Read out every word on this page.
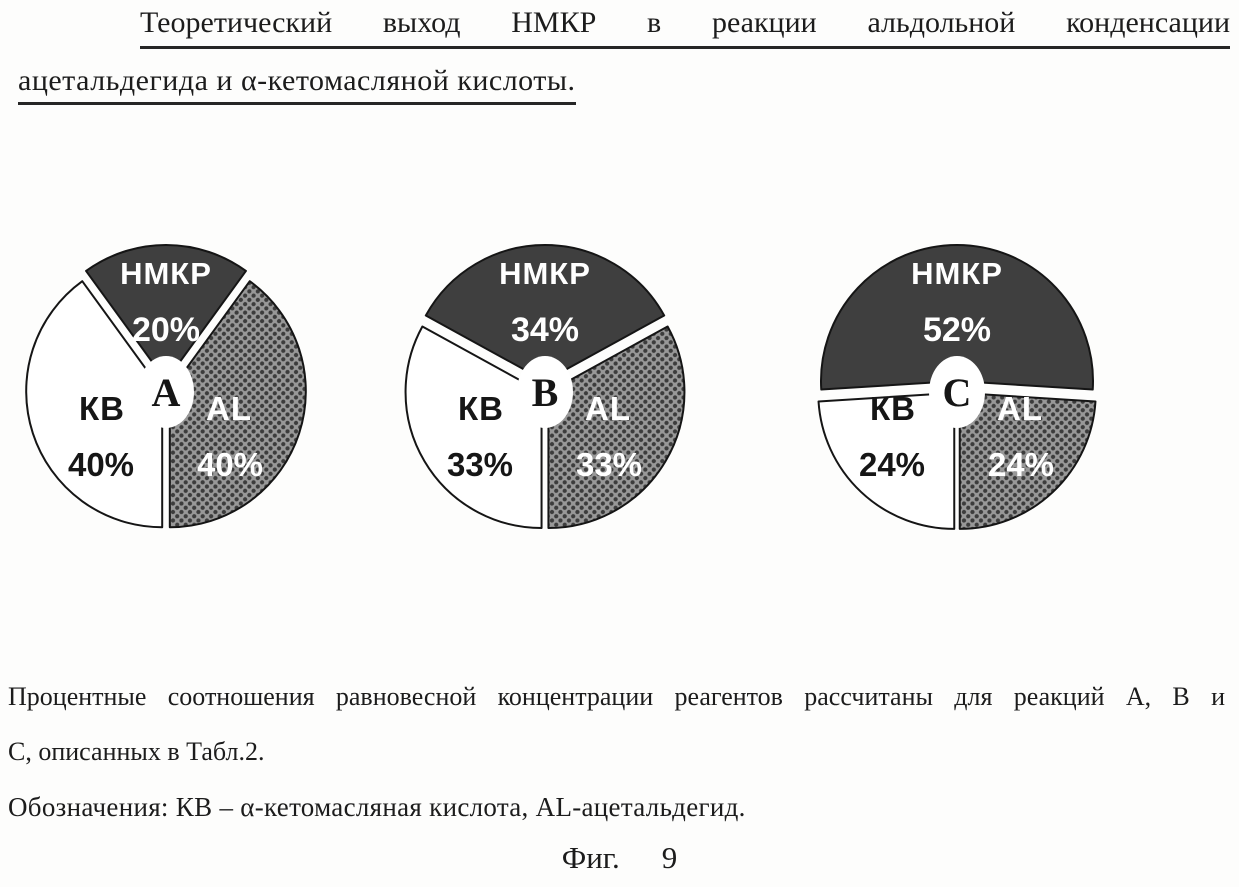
Теоретический выход НМКР в реакции альдольной конденсации
ацетальдегида и α-кетомасляной кислоты.
A
НМКР
20%
AL
40%
КВ
40%
B
НМКР
34%
AL
33%
КВ
33%
C
НМКР
52%
AL
24%
КВ
24%
Процентные соотношения равновесной концентрации реагентов рассчитаны для реакций А, В и
С, описанных в Табл.2.
Обозначения: КВ – α-кетомасляная кислота, AL-ацетальдегид.
Фиг. 9
